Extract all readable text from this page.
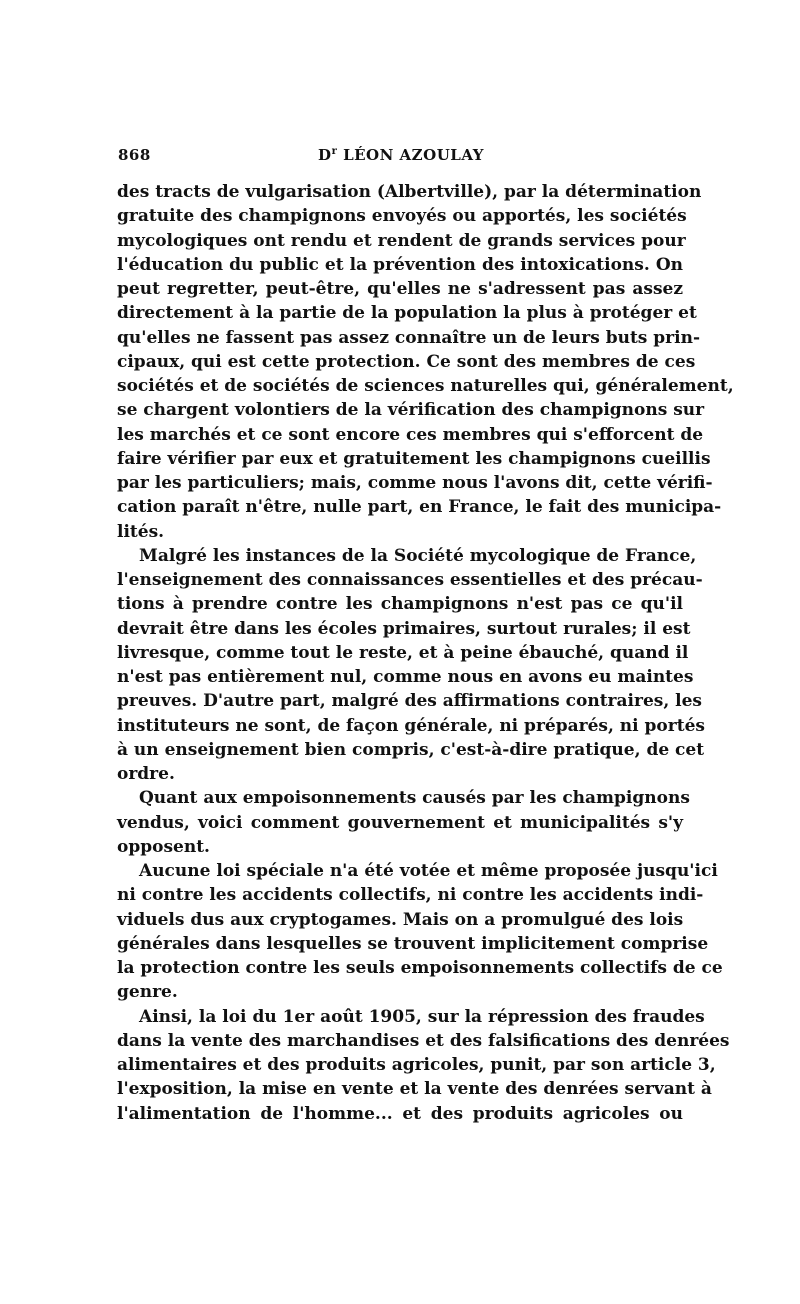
868	$D^r$ LÉON AZOULAY
des tracts de vulgarisation (Albertville), par la détermination
gratuite des champignons envoyés ou apportés, les sociétés
mycologiques ont rendu et rendent de grands services pour
l'éducation du public et la prévention des intoxications. On
peut regretter, peut-être, qu'elles ne s'adressent pas assez
directement à la partie de la population la plus à protéger et
qu'elles ne fassent pas assez connaître un de leurs buts prin-
cipaux, qui est cette protection. Ce sont des membres de ces
sociétés et de sociétés de sciences naturelles qui, généralement,
se chargent volontiers de la vérification des champignons sur
les marchés et ce sont encore ces membres qui s'efforcent de
faire vérifier par eux et gratuitement les champignons cueillis
par les particuliers; mais, comme nous l'avons dit, cette vérifi-
cation paraît n'être, nulle part, en France, le fait des municipa-
lités.
Malgré les instances de la Société mycologique de France,
l'enseignement des connaissances essentielles et des précau-
tions à prendre contre les champignons n'est pas ce qu'il
devrait être dans les écoles primaires, surtout rurales; il est
livresque, comme tout le reste, et à peine ébauché, quand il
n'est pas entièrement nul, comme nous en avons eu maintes
preuves. D'autre part, malgré des affirmations contraires, les
instituteurs ne sont, de façon générale, ni préparés, ni portés
à un enseignement bien compris, c'est-à-dire pratique, de cet
ordre.
Quant aux empoisonnements causés par les champignons
vendus, voici comment gouvernement et municipalités s'y
opposent.
Aucune loi spéciale n'a été votée et même proposée jusqu'ici
ni contre les accidents collectifs, ni contre les accidents indi-
viduels dus aux cryptogames. Mais on a promulgué des lois
générales dans lesquelles se trouvent implicitement comprise
la protection contre les seuls empoisonnements collectifs de ce
genre.
Ainsi, la loi du 1er août 1905, sur la répression des fraudes
dans la vente des marchandises et des falsifications des denrées
alimentaires et des produits agricoles, punit, par son article 3,
l'exposition, la mise en vente et la vente des denrées servant à
l'alimentation de l'homme... et des produits agricoles ou
